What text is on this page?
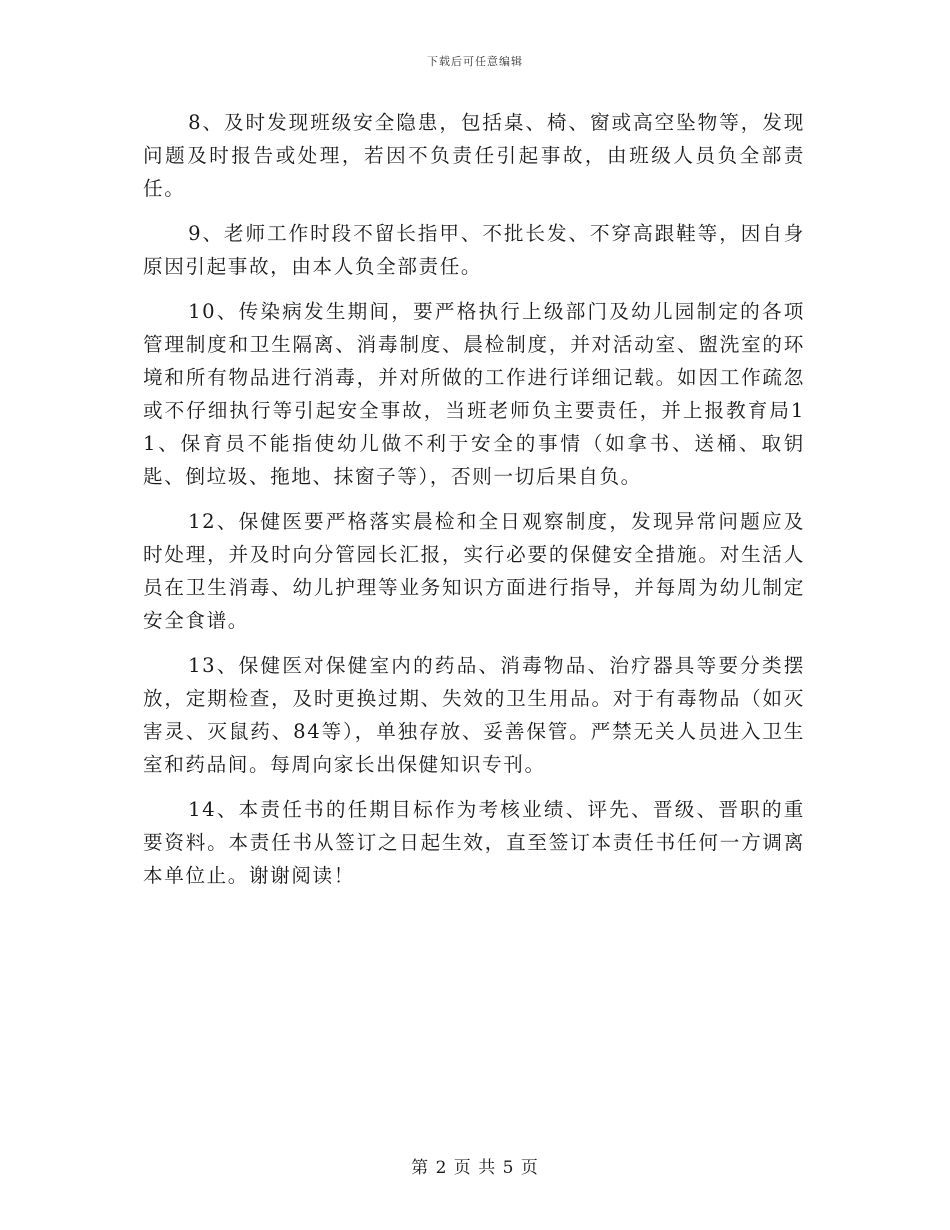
下载后可任意编辑

8、及时发现班级安全隐患，包括桌、椅、窗或高空坠物等，发现问题及时报告或处理，若因不负责任引起事故，由班级人员负全部责任。

9、老师工作时段不留长指甲、不批长发、不穿高跟鞋等，因自身原因引起事故，由本人负全部责任。

10、传染病发生期间，要严格执行上级部门及幼儿园制定的各项管理制度和卫生隔离、消毒制度、晨检制度，并对活动室、盥洗室的环境和所有物品进行消毒，并对所做的工作进行详细记载。如因工作疏忽或不仔细执行等引起安全事故，当班老师负主要责任，并上报教育局11、保育员不能指使幼儿做不利于安全的事情（如拿书、送桶、取钥匙、倒垃圾、拖地、抹窗子等），否则一切后果自负。

12、保健医要严格落实晨检和全日观察制度，发现异常问题应及时处理，并及时向分管园长汇报，实行必要的保健安全措施。对生活人员在卫生消毒、幼儿护理等业务知识方面进行指导，并每周为幼儿制定安全食谱。

13、保健医对保健室内的药品、消毒物品、治疗器具等要分类摆放，定期检查，及时更换过期、失效的卫生用品。对于有毒物品（如灭害灵、灭鼠药、84等），单独存放、妥善保管。严禁无关人员进入卫生室和药品间。每周向家长出保健知识专刊。

14、本责任书的任期目标作为考核业绩、评先、晋级、晋职的重要资料。本责任书从签订之日起生效，直至签订本责任书任何一方调离本单位止。谢谢阅读！

第 2 页 共 5 页
